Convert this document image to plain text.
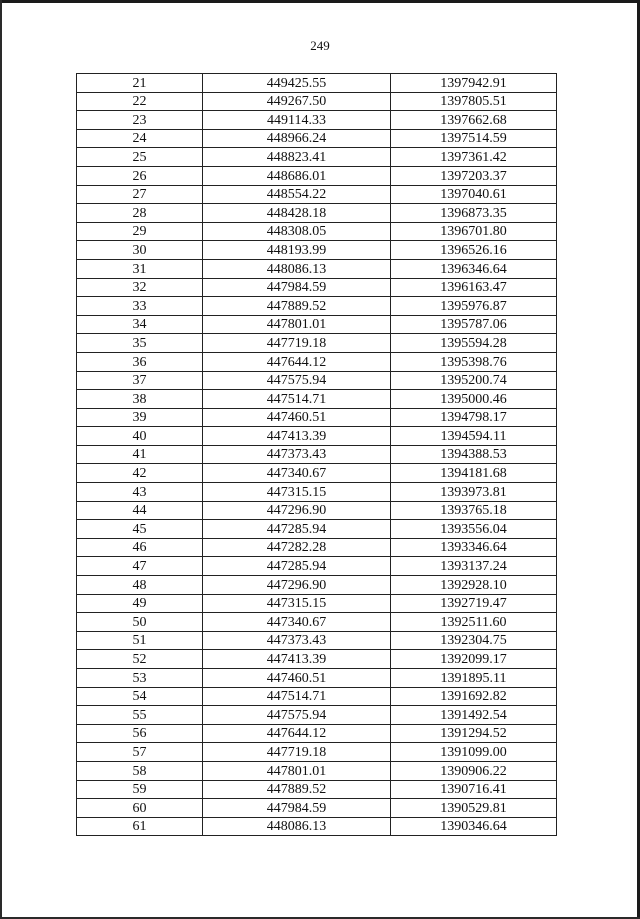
249
21	449425.55	1397942.91
22	449267.50	1397805.51
23	449114.33	1397662.68
24	448966.24	1397514.59
25	448823.41	1397361.42
26	448686.01	1397203.37
27	448554.22	1397040.61
28	448428.18	1396873.35
29	448308.05	1396701.80
30	448193.99	1396526.16
31	448086.13	1396346.64
32	447984.59	1396163.47
33	447889.52	1395976.87
34	447801.01	1395787.06
35	447719.18	1395594.28
36	447644.12	1395398.76
37	447575.94	1395200.74
38	447514.71	1395000.46
39	447460.51	1394798.17
40	447413.39	1394594.11
41	447373.43	1394388.53
42	447340.67	1394181.68
43	447315.15	1393973.81
44	447296.90	1393765.18
45	447285.94	1393556.04
46	447282.28	1393346.64
47	447285.94	1393137.24
48	447296.90	1392928.10
49	447315.15	1392719.47
50	447340.67	1392511.60
51	447373.43	1392304.75
52	447413.39	1392099.17
53	447460.51	1391895.11
54	447514.71	1391692.82
55	447575.94	1391492.54
56	447644.12	1391294.52
57	447719.18	1391099.00
58	447801.01	1390906.22
59	447889.52	1390716.41
60	447984.59	1390529.81
61	448086.13	1390346.64
